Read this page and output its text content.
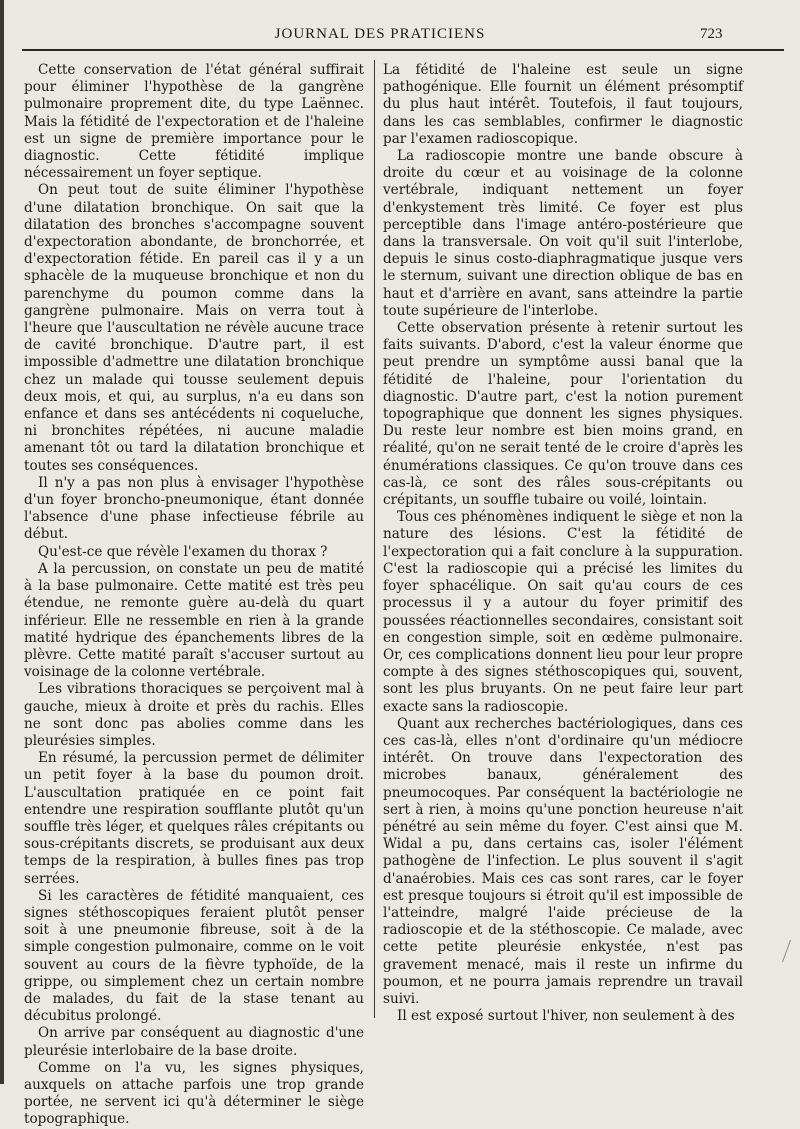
JOURNAL DES PRATICIENS	723

Cette conservation de l'état général suffirait pour éliminer l'hypothèse de la gangrène pulmonaire proprement dite, du type Laënnec. Mais la fétidité de l'expectoration et de l'haleine est un signe de première importance pour le diagnostic. Cette fétidité implique nécessairement un foyer septique.

On peut tout de suite éliminer l'hypothèse d'une dilatation bronchique. On sait que la dilatation des bronches s'accompagne souvent d'expectoration abondante, de bronchorrée, et d'expectoration fétide. En pareil cas il y a un sphacèle de la muqueuse bronchique et non du parenchyme du poumon comme dans la gangrène pulmonaire. Mais on verra tout à l'heure que l'auscultation ne révèle aucune trace de cavité bronchique. D'autre part, il est impossible d'admettre une dilatation bronchique chez un malade qui tousse seulement depuis deux mois, et qui, au surplus, n'a eu dans son enfance et dans ses antécédents ni coqueluche, ni bronchites répétées, ni aucune maladie amenant tôt ou tard la dilatation bronchique et toutes ses conséquences.

Il n'y a pas non plus à envisager l'hypothèse d'un foyer broncho-pneumonique, étant donnée l'absence d'une phase infectieuse fébrile au début.

Qu'est-ce que révèle l'examen du thorax ?

A la percussion, on constate un peu de matité à la base pulmonaire. Cette matité est très peu étendue, ne remonte guère au-delà du quart inférieur. Elle ne ressemble en rien à la grande matité hydrique des épanchements libres de la plèvre. Cette matité paraît s'accuser surtout au voisinage de la colonne vertébrale.

Les vibrations thoraciques se perçoivent mal à gauche, mieux à droite et près du rachis. Elles ne sont donc pas abolies comme dans les pleurésies simples.

En résumé, la percussion permet de délimiter un petit foyer à la base du poumon droit. L'auscultation pratiquée en ce point fait entendre une respiration soufflante plutôt qu'un souffle très léger, et quelques râles crépitants ou sous-crépitants discrets, se produisant aux deux temps de la respiration, à bulles fines pas trop serrées.

Si les caractères de fétidité manquaient, ces signes stéthoscopiques feraient plutôt penser soit à une pneumonie fibreuse, soit à de la simple congestion pulmonaire, comme on le voit souvent au cours de la fièvre typhoïde, de la grippe, ou simplement chez un certain nombre de malades, du fait de la stase tenant au décubitus prolongé.

On arrive par conséquent au diagnostic d'une pleurésie interlobaire de la base droite.

Comme on l'a vu, les signes physiques, auxquels on attache parfois une trop grande portée, ne servent ici qu'à déterminer le siège topographique.

La fétidité de l'haleine est seule un signe pathogénique. Elle fournit un élément présomptif du plus haut intérêt. Toutefois, il faut toujours, dans les cas semblables, confirmer le diagnostic par l'examen radioscopique.

La radioscopie montre une bande obscure à droite du cœur et au voisinage de la colonne vertébrale, indiquant nettement un foyer d'enkystement très limité. Ce foyer est plus perceptible dans l'image antéro-postérieure que dans la transversale. On voit qu'il suit l'interlobe, depuis le sinus costo-diaphragmatique jusque vers le sternum, suivant une direction oblique de bas en haut et d'arrière en avant, sans atteindre la partie toute supérieure de l'interlobe.

Cette observation présente à retenir surtout les faits suivants. D'abord, c'est la valeur énorme que peut prendre un symptôme aussi banal que la fétidité de l'haleine, pour l'orientation du diagnostic. D'autre part, c'est la notion purement topographique que donnent les signes physiques. Du reste leur nombre est bien moins grand, en réalité, qu'on ne serait tenté de le croire d'après les énumérations classiques. Ce qu'on trouve dans ces cas-là, ce sont des râles sous-crépitants ou crépitants, un souffle tubaire ou voilé, lointain.

Tous ces phénomènes indiquent le siège et non la nature des lésions. C'est la fétidité de l'expectoration qui a fait conclure à la suppuration. C'est la radioscopie qui a précisé les limites du foyer sphacélique. On sait qu'au cours de ces processus il y a autour du foyer primitif des poussées réactionnelles secondaires, consistant soit en congestion simple, soit en œdème pulmonaire. Or, ces complications donnent lieu pour leur propre compte à des signes stéthoscopiques qui, souvent, sont les plus bruyants. On ne peut faire leur part exacte sans la radioscopie.

Quant aux recherches bactériologiques, dans ces ces cas-là, elles n'ont d'ordinaire qu'un médiocre intérêt. On trouve dans l'expectoration des microbes banaux, généralement des pneumocoques. Par conséquent la bactériologie ne sert à rien, à moins qu'une ponction heureuse n'ait pénétré au sein même du foyer. C'est ainsi que M. Widal a pu, dans certains cas, isoler l'élément pathogène de l'infection. Le plus souvent il s'agit d'anaérobies. Mais ces cas sont rares, car le foyer est presque toujours si étroit qu'il est impossible de l'atteindre, malgré l'aide précieuse de la radioscopie et de la stéthoscopie. Ce malade, avec cette petite pleurésie enkystée, n'est pas gravement menacé, mais il reste un infirme du poumon, et ne pourra jamais reprendre un travail suivi.

Il est exposé surtout l'hiver, non seulement à des
